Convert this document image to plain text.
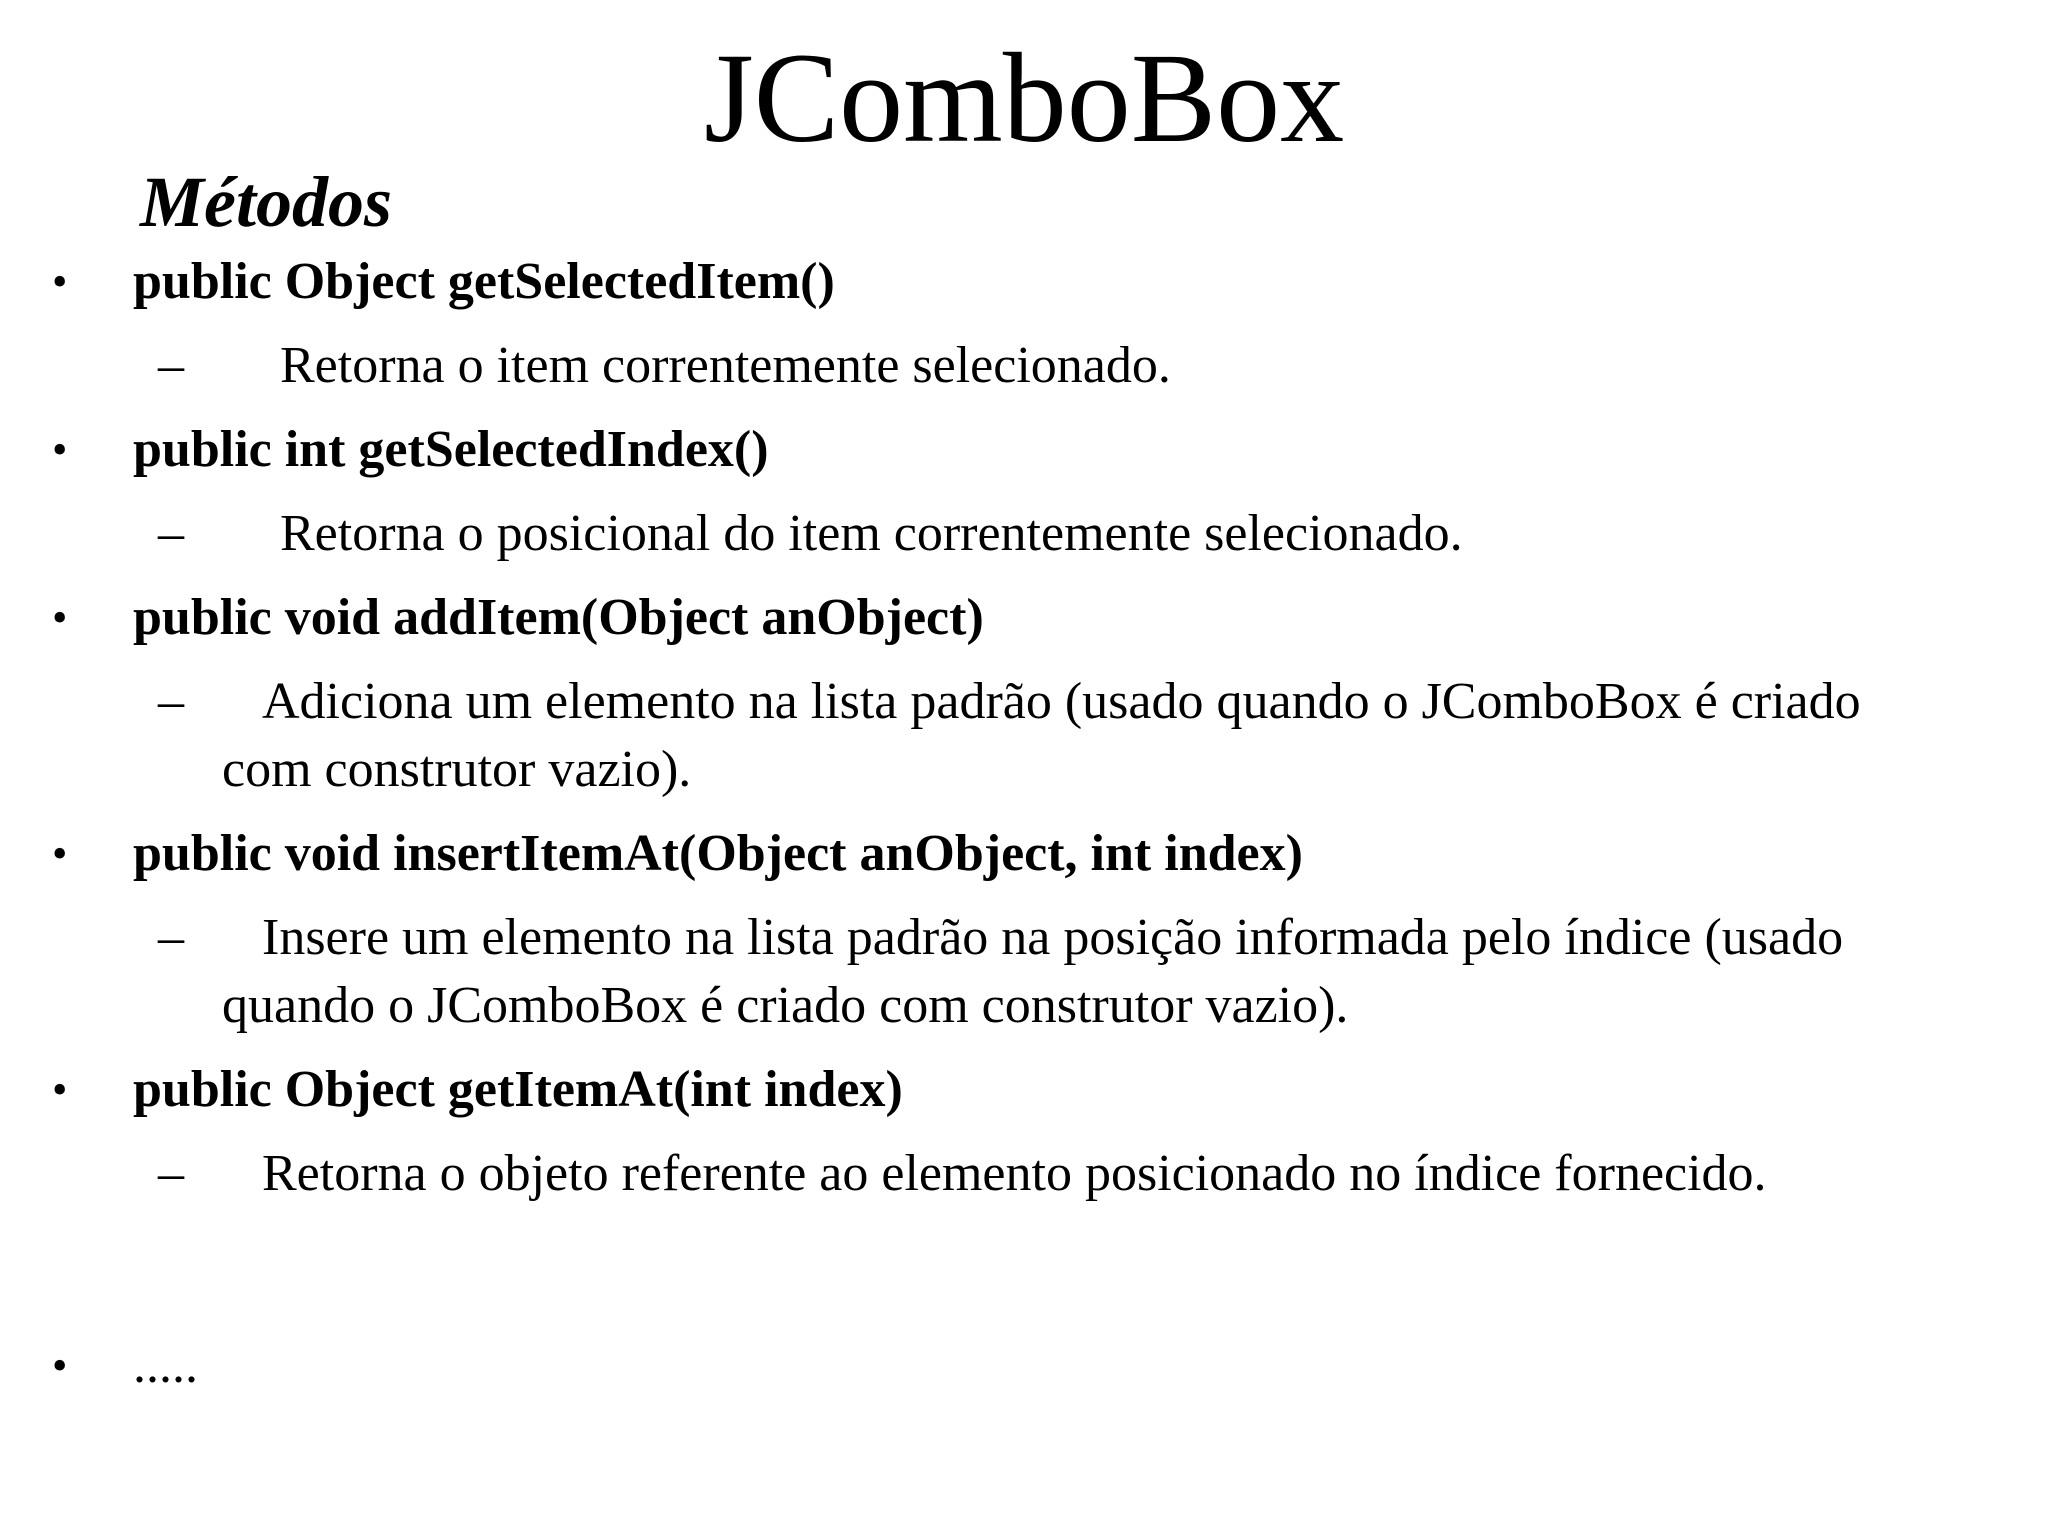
JComboBox
Métodos
• public Object getSelectedItem()
– Retorna o item correntemente selecionado.
• public int getSelectedIndex()
– Retorna o posicional do item correntemente selecionado.
• public void addItem(Object anObject)
– Adiciona um elemento na lista padrão (usado quando o JComboBox é criado
com construtor vazio).
• public void insertItemAt(Object anObject, int index)
– Insere um elemento na lista padrão na posição informada pelo índice (usado
quando o JComboBox é criado com construtor vazio).
• public Object getItemAt(int index)
– Retorna o objeto referente ao elemento posicionado no índice fornecido.
• .....
